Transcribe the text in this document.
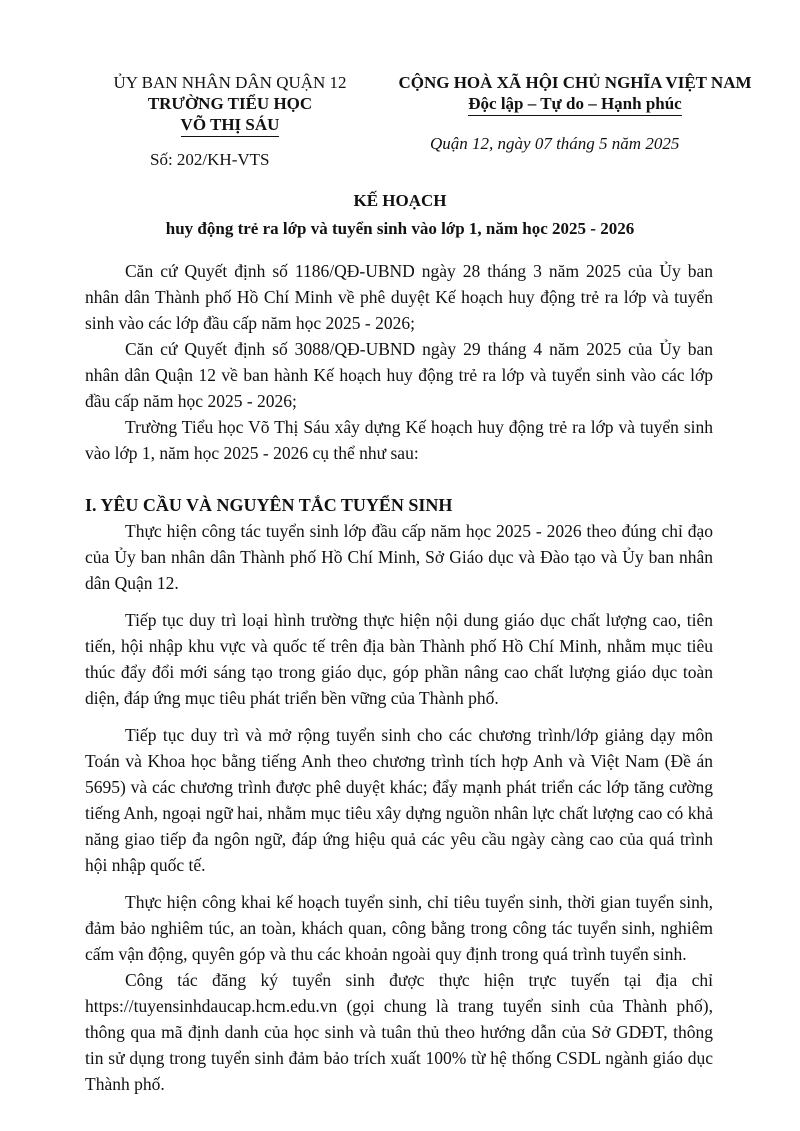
ỦY BAN NHÂN DÂN QUẬN 12
TRƯỜNG TIỂU HỌC
VÕ THỊ SÁU
Số: 202/KH-VTS
CỘNG HOÀ XÃ HỘI CHỦ NGHĨA VIỆT NAM
Độc lập – Tự do – Hạnh phúc
Quận 12, ngày 07 tháng 5 năm 2025
KẾ HOẠCH
huy động trẻ ra lớp và tuyển sinh vào lớp 1, năm học 2025 - 2026

Căn cứ Quyết định số 1186/QĐ-UBND ngày 28 tháng 3 năm 2025 của Ủy ban nhân dân Thành phố Hồ Chí Minh về phê duyệt Kế hoạch huy động trẻ ra lớp và tuyển sinh vào các lớp đầu cấp năm học 2025 - 2026;

Căn cứ Quyết định số 3088/QĐ-UBND ngày 29 tháng 4 năm 2025 của Ủy ban nhân dân Quận 12 về ban hành Kế hoạch huy động trẻ ra lớp và tuyển sinh vào các lớp đầu cấp năm học 2025 - 2026;

Trường Tiểu học Võ Thị Sáu xây dựng Kế hoạch huy động trẻ ra lớp và tuyển sinh vào lớp 1, năm học 2025 - 2026 cụ thể như sau:

I. YÊU CẦU VÀ NGUYÊN TẮC TUYỂN SINH

Thực hiện công tác tuyển sinh lớp đầu cấp năm học 2025 - 2026 theo đúng chỉ đạo của Ủy ban nhân dân Thành phố Hồ Chí Minh, Sở Giáo dục và Đào tạo và Ủy ban nhân dân Quận 12.

Tiếp tục duy trì loại hình trường thực hiện nội dung giáo dục chất lượng cao, tiên tiến, hội nhập khu vực và quốc tế trên địa bàn Thành phố Hồ Chí Minh, nhằm mục tiêu thúc đẩy đổi mới sáng tạo trong giáo dục, góp phần nâng cao chất lượng giáo dục toàn diện, đáp ứng mục tiêu phát triển bền vững của Thành phố.

Tiếp tục duy trì và mở rộng tuyển sinh cho các chương trình/lớp giảng dạy môn Toán và Khoa học bằng tiếng Anh theo chương trình tích hợp Anh và Việt Nam (Đề án 5695) và các chương trình được phê duyệt khác; đẩy mạnh phát triển các lớp tăng cường tiếng Anh, ngoại ngữ hai, nhằm mục tiêu xây dựng nguồn nhân lực chất lượng cao có khả năng giao tiếp đa ngôn ngữ, đáp ứng hiệu quả các yêu cầu ngày càng cao của quá trình hội nhập quốc tế.

Thực hiện công khai kế hoạch tuyển sinh, chỉ tiêu tuyển sinh, thời gian tuyển sinh, đảm bảo nghiêm túc, an toàn, khách quan, công bằng trong công tác tuyển sinh, nghiêm cấm vận động, quyên góp và thu các khoản ngoài quy định trong quá trình tuyển sinh.

Công tác đăng ký tuyển sinh được thực hiện trực tuyến tại địa chỉ https://tuyensinhdaucap.hcm.edu.vn (gọi chung là trang tuyển sinh của Thành phố), thông qua mã định danh của học sinh và tuân thủ theo hướng dẫn của Sở GDĐT, thông tin sử dụng trong tuyển sinh đảm bảo trích xuất 100% từ hệ thống CSDL ngành giáo dục Thành phố.
